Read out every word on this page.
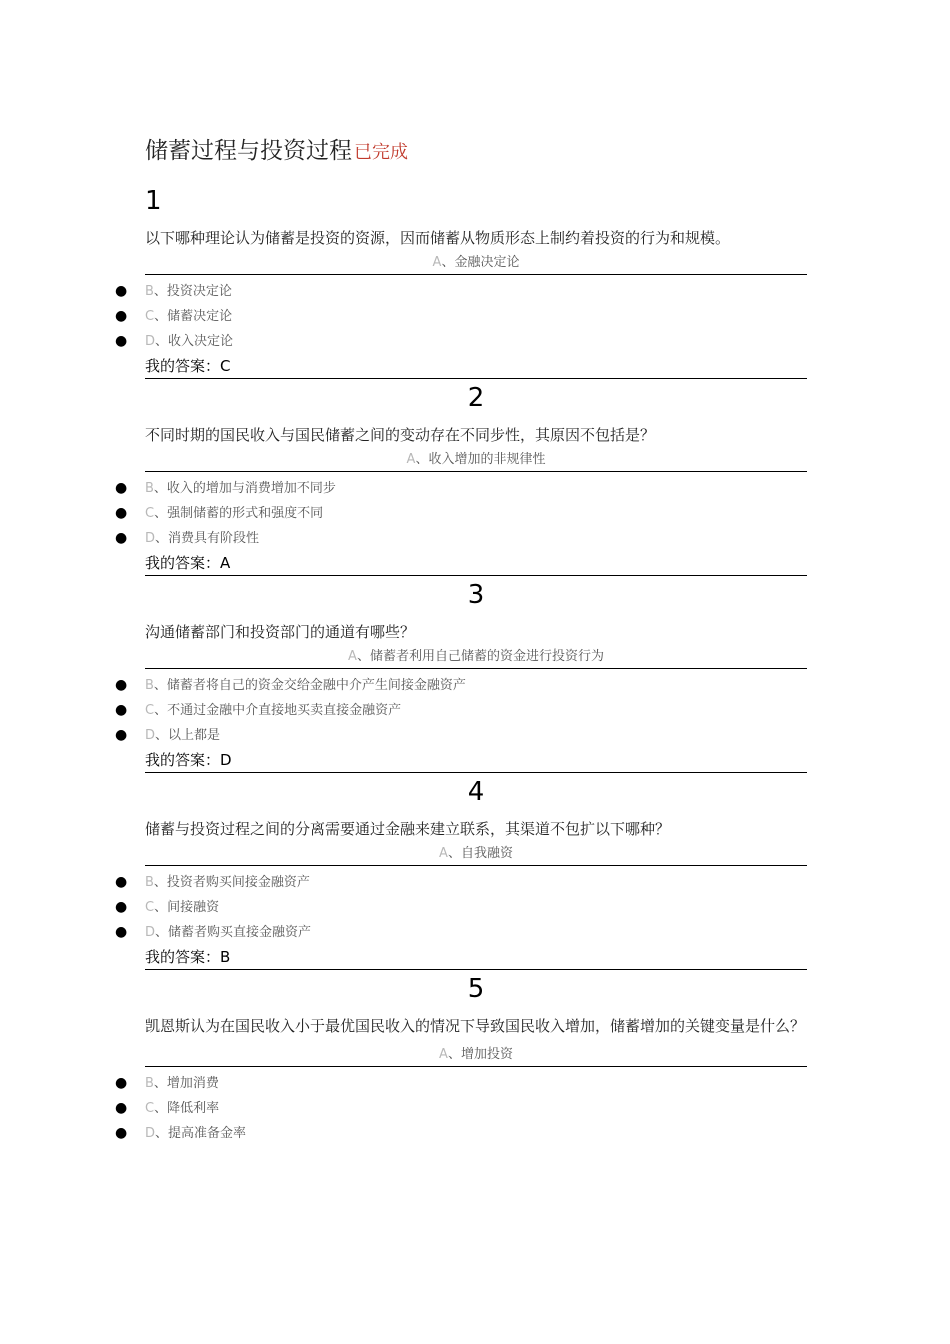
储蓄过程与投资过程 已完成
1
以下哪种理论认为储蓄是投资的资源，因而储蓄从物质形态上制约着投资的行为和规模。
A、金融决定论
● B、投资决定论
● C、储蓄决定论
● D、收入决定论
我的答案：C
2
不同时期的国民收入与国民储蓄之间的变动存在不同步性，其原因不包括是？
A、收入增加的非规律性
● B、收入的增加与消费增加不同步
● C、强制储蓄的形式和强度不同
● D、消费具有阶段性
我的答案：A
3
沟通储蓄部门和投资部门的通道有哪些？
A、储蓄者利用自己储蓄的资金进行投资行为
● B、储蓄者将自己的资金交给金融中介产生间接金融资产
● C、不通过金融中介直接地买卖直接金融资产
● D、以上都是
我的答案：D
4
储蓄与投资过程之间的分离需要通过金融来建立联系，其渠道不包扩以下哪种？
A、自我融资
● B、投资者购买间接金融资产
● C、间接融资
● D、储蓄者购买直接金融资产
我的答案：B
5
凯恩斯认为在国民收入小于最优国民收入的情况下导致国民收入增加，储蓄增加的关键变量是什么？
A、增加投资
● B、增加消费
● C、降低利率
● D、提高准备金率
